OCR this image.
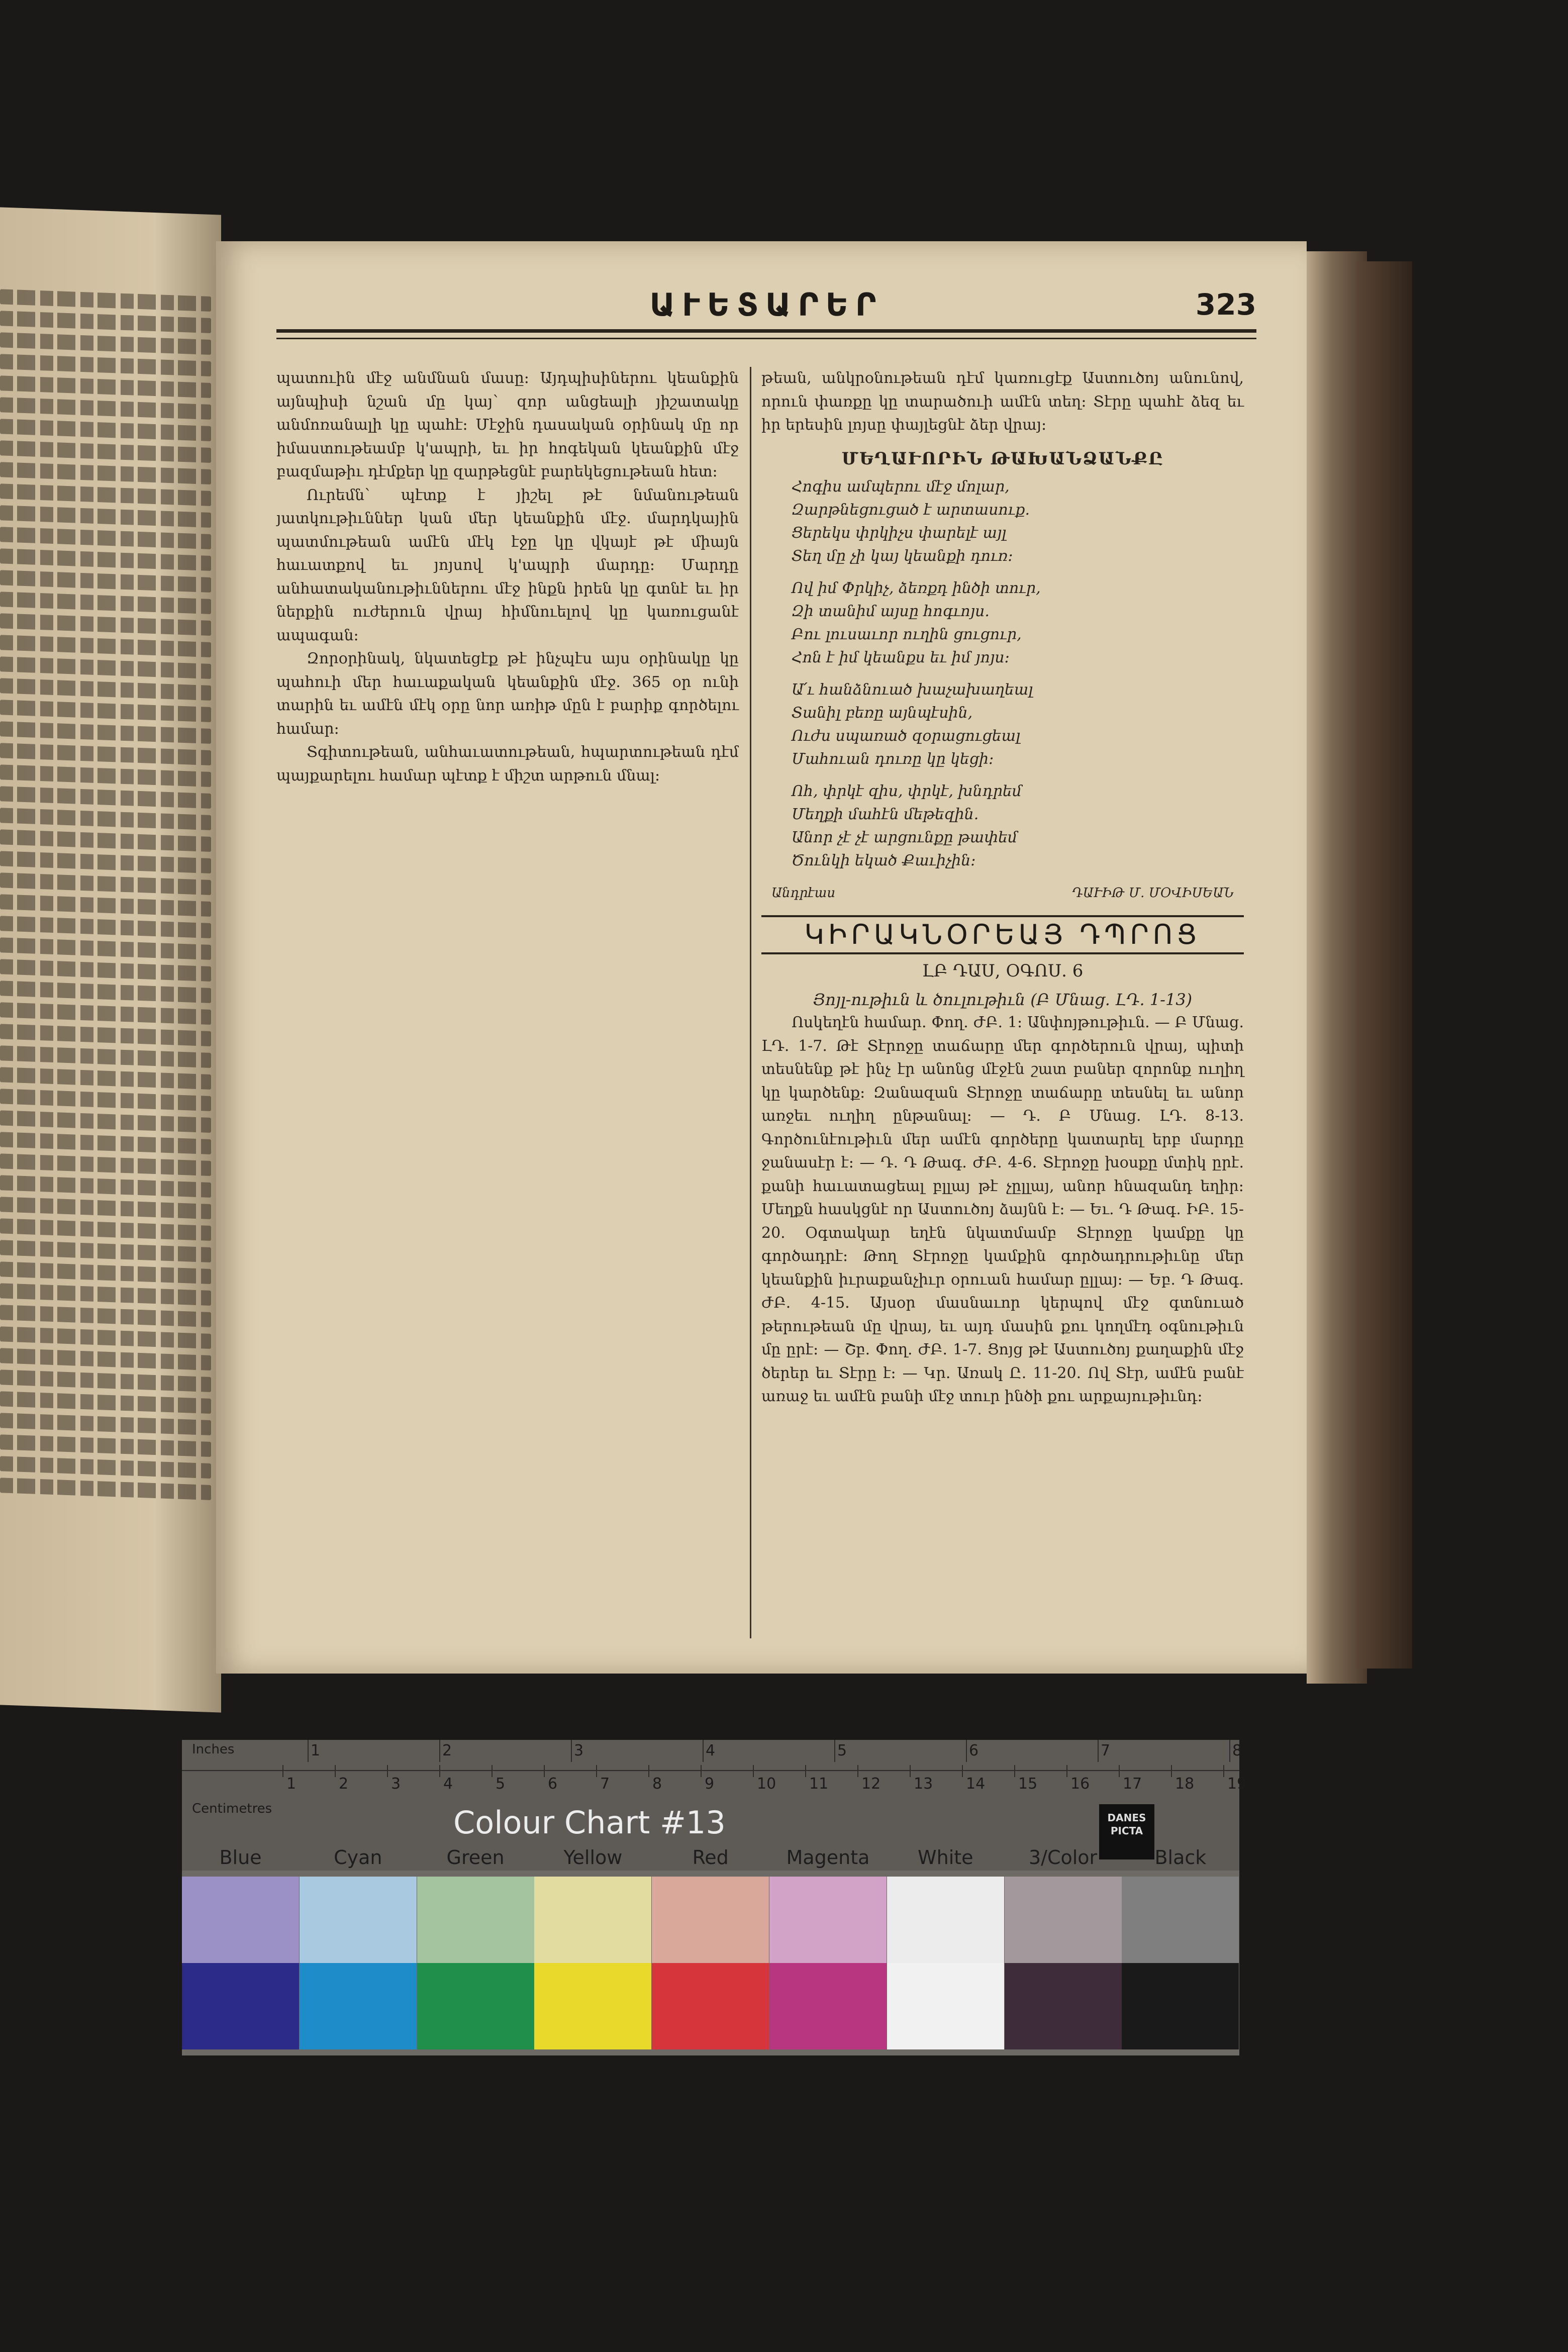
ԱՒԵՏԱՐԵՐ	323

պատուին մէջ անմնան մասը։ Այդպիսիներու կեանքին այնպիսի նշան մը կայ՝ զոր անցեալի յիշատակը անմոռանալի կը պահէ։ Մէջին դասական օրինակ մը որ իմաստութեամբ կ'ապրի, եւ իր հոգեկան կեանքին մէջ բազմաթիւ դէմքեր կը զարթեցնէ բարեկեցութեան հետ։

Ուրեմն՝ պէտք է յիշել թէ նմանութեան յատկութիւններ կան մեր կեանքին մէջ. մարդկային պատմութեան ամէն մէկ էջը կը վկայէ թէ միայն հաւատքով եւ յոյսով կ'ապրի մարդը։ Մարդը անհատականութիւններու մէջ ինքն իրեն կը գտնէ եւ իր ներքին ուժերուն վրայ հիմնուելով կը կառուցանէ ապագան։

Զորօրինակ, նկատեցէք թէ ինչպէս այս օրինակը կը պահուի մեր հաւաքական կեանքին մէջ. 365 օր ունի տարին եւ ամէն մէկ օրը նոր առիթ մըն է բարիք գործելու համար։

Տգիտութեան, անհաւատութեան, հպարտութեան դէմ պայքարելու համար պէտք է միշտ արթուն մնալ։

թեան, անկրօնութեան դէմ կառուցէք Աստուծոյ անունով, որուն փառքը կը տարածուի ամէն տեղ։ Տէրը պահէ ձեզ եւ իր երեսին լոյսը փայլեցնէ ձեր վրայ։

ՄԵՂԱՒՈՐԻՆ ԹԱԽԱՆՁԱՆՔԸ
Հոգիս ամպերու մէջ մոլար,
Զարթնեցուցած է արտասուք.
Ցերեկս փրկիչս փարելէ այլ
Տեղ մը չի կայ կեանքի դուռ։
Ով իմ Փրկիչ, ձեռքդ ինծի տուր,
Զի տանիմ այսը հոգւոյս.
Բու լուսաւոր ուղին ցուցուր,
Հոն է իմ կեանքս եւ իմ յոյս։
Ա՛ւ հանձնուած խաչախաղեալ
Տանիլ բեռը այնպէսին,
Ուժս սպառած զօրացուցեալ
Մահուան դուռը կը կեցի։
Ոհ, փրկէ զիս, փրկէ, խնդրեմ
Մեղքի մահէն մեթեզին.
Անոր չէ չէ արցունքը թափեմ
Ծունկի եկած Քաւիչին։
Անդրէաս	ԴԱՒԻԹ Մ. ՄՕՎԻՍԵԱՆ
ԿԻՐԱԿՆՕՐԵԱՅ ԴՊՐՈՑ
ԼԲ ԴԱՍ, ՕԳՈՍ. 6
Յոյլ-ութիւն և ծուլութիւն (Բ Մնաց. ԼԴ. 1-13)

Ոսկեղէն համար. Փող. ԺԲ. 1։ Անփոյթութիւն. — Բ Մնաց. ԼԴ. 1-7. Թէ Տէրոջը տաճարը մեր գործերուն վրայ, պիտի տեսնենք թէ ինչ էր անոնց մէջէն շատ բաներ զորոնք ուղիղ կը կարծենք։ Զանազան Տէրոջը տաճարը տեսնել եւ անոր առջեւ ուղիղ ընթանալ։ — Դ. Բ Մնաց. ԼԴ. 8-13. Գործունէութիւն մեր ամէն գործերը կատարել երբ մարդը ջանասէր է։ — Դ. Դ Թագ. ԺԲ. 4-6. Տէրոջը խօսքը մտիկ ըրէ. քանի հաւատացեալ բլլայ թէ չըլլայ, անոր հնազանդ եղիր։ Մեղքն հասկցնէ որ Աստուծոյ ձայնն է։ — Եւ. Դ Թագ. ԻԲ. 15-20. Օգտակար եղէն նկատմամբ Տէրոջը կամքը կը գործադրէ։ Թող Տէրոջը կամքին գործադրութիւնը մեր կեանքին իւրաքանչիւր օրուան համար ըլլայ։ — Եբ. Դ Թագ. ԺԲ. 4-15. Այսօր մասնաւոր կերպով մէջ գտնուած թերութեան մը վրայ, եւ այդ մասին քու կողմէդ օգնութիւն մը ըրէ։ — Շբ. Փող. ԺԲ. 1-7. Ցոյց թէ Աստուծոյ քաղաքին մէջ ծերեր եւ Տէրը է։ — Կր. Առակ Ը. 11-20. Ով Տէր, ամէն բանէ առաջ եւ ամէն բանի մէջ տուր ինծի քու արքայութիւնդ։

Inches	1	2	3	4	5	6	7	8
1	2	3	4	5	6	7	8	9	10 11 12 13 14 15 16 17 18 19
Centimetres	Colour Chart #13	DANES
PICTA
Blue	Cyan	Green	Yellow	Red	Magenta	White	3/Color	Black
